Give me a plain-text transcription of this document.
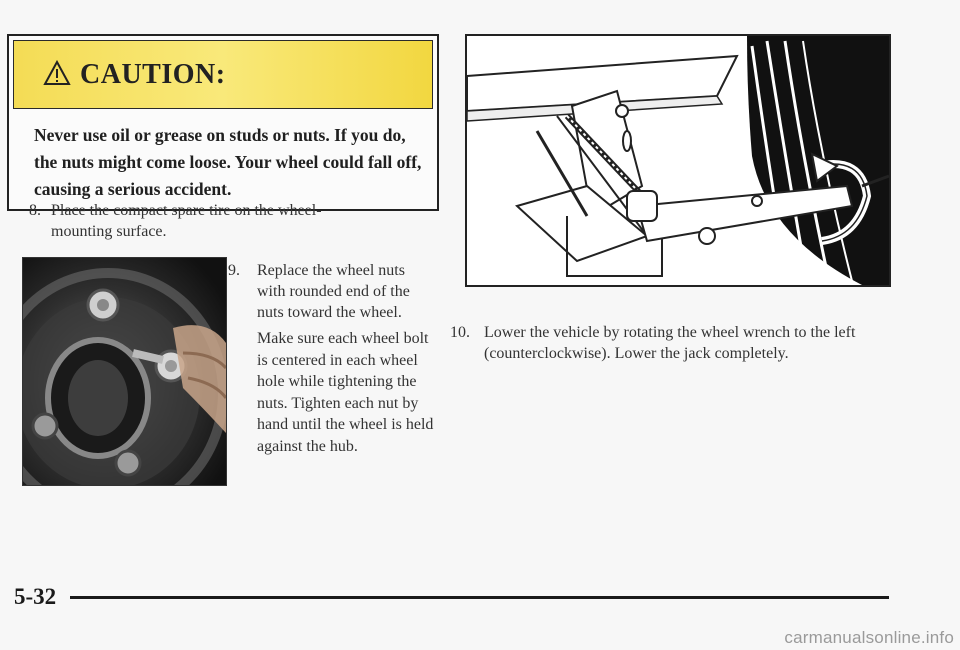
CAUTION:
Never use oil or grease on studs or nuts. If you do, the nuts might come loose. Your wheel could fall off, causing a serious accident.
8. Place the compact spare tire on the wheel-mounting surface.
9. Replace the wheel nuts with rounded end of the nuts toward the wheel.
Make sure each wheel bolt is centered in each wheel hole while tightening the nuts. Tighten each nut by hand until the wheel is held against the hub.
10. Lower the vehicle by rotating the wheel wrench to the left (counterclockwise). Lower the jack completely.
5-32
carmanualsonline.info
